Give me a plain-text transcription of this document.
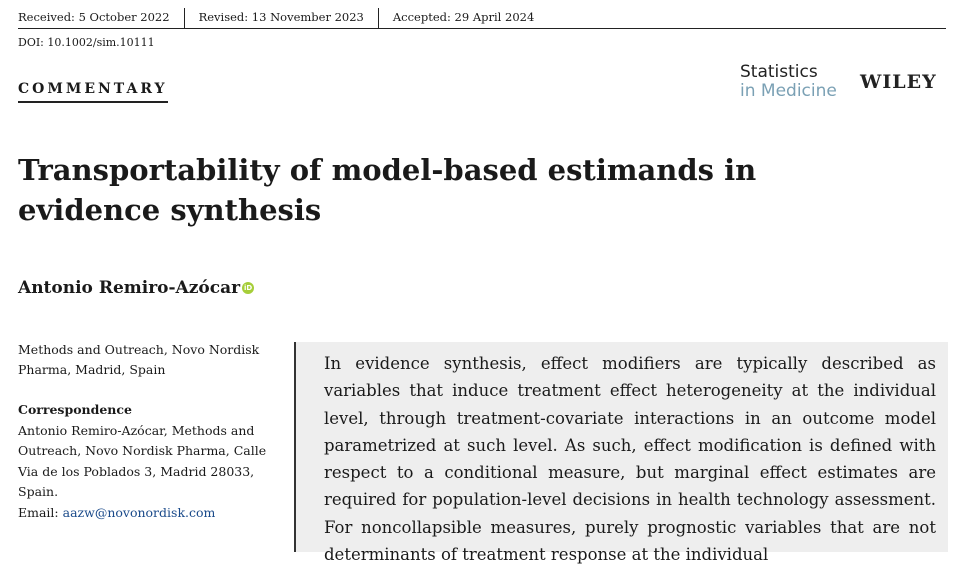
Received: 5 October 2022	Revised: 13 November 2023	Accepted: 29 April 2024
DOI: 10.1002/sim.10111
COMMENTARY
Statistics
in Medicine WILEY
Transportability of model-based estimands in evidence synthesis
Antonio Remiro-Azócar iD
Methods and Outreach, Novo Nordisk Pharma, Madrid, Spain
Correspondence
Antonio Remiro-Azócar, Methods and Outreach, Novo Nordisk Pharma, Calle Via de los Poblados 3, Madrid 28033, Spain.
Email: aazw@novonordisk.com

In evidence synthesis, effect modifiers are typically described as variables that induce treatment effect heterogeneity at the individual level, through treatment-covariate interactions in an outcome model parametrized at such level. As such, effect modification is defined with respect to a conditional measure, but marginal effect estimates are required for population-level decisions in health technology assessment. For noncollapsible measures, purely prognostic variables that are not determinants of treatment response at the individual
